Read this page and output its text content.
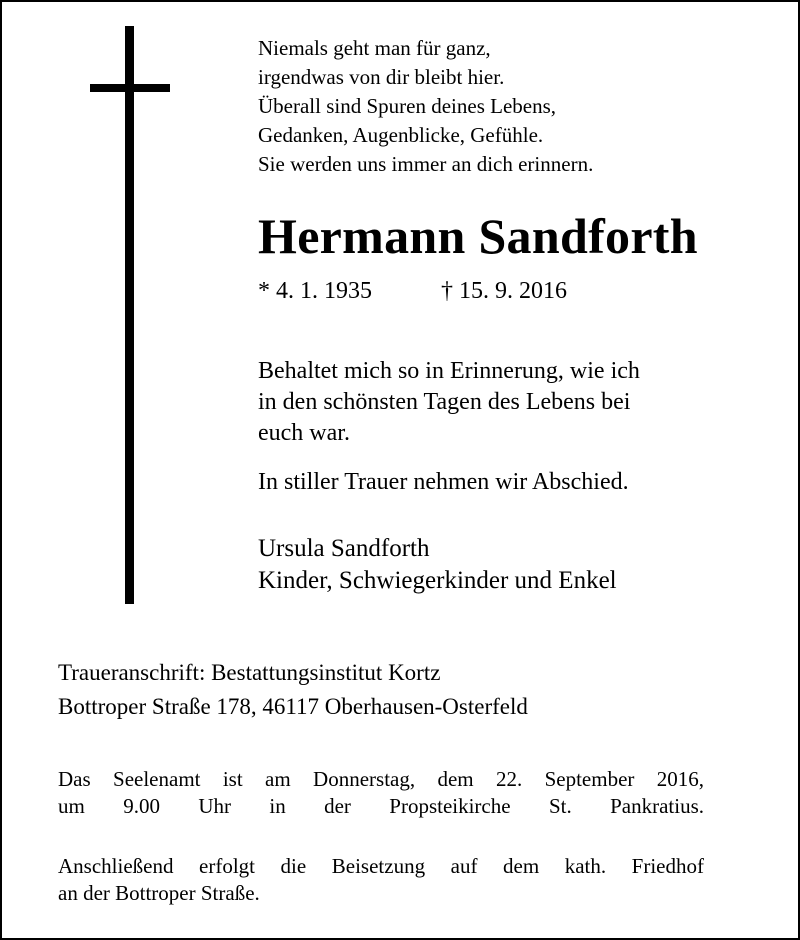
Niemals geht man für ganz,
irgendwas von dir bleibt hier.
Überall sind Spuren deines Lebens,
Gedanken, Augenblicke, Gefühle.
Sie werden uns immer an dich erinnern.
Hermann Sandforth
* 4. 1. 1935	† 15. 9. 2016
Behaltet mich so in Erinnerung, wie ich
in den schönsten Tagen des Lebens bei
euch war.
In stiller Trauer nehmen wir Abschied.
Ursula Sandforth
Kinder, Schwiegerkinder und Enkel
Traueranschrift: Bestattungsinstitut Kortz
Bottroper Straße 178, 46117 Oberhausen-Osterfeld
Das Seelenamt ist am Donnerstag, dem 22. September 2016,
um 9.00 Uhr in der Propsteikirche St. Pankratius.
Anschließend erfolgt die Beisetzung auf dem kath. Friedhof
an der Bottroper Straße.
